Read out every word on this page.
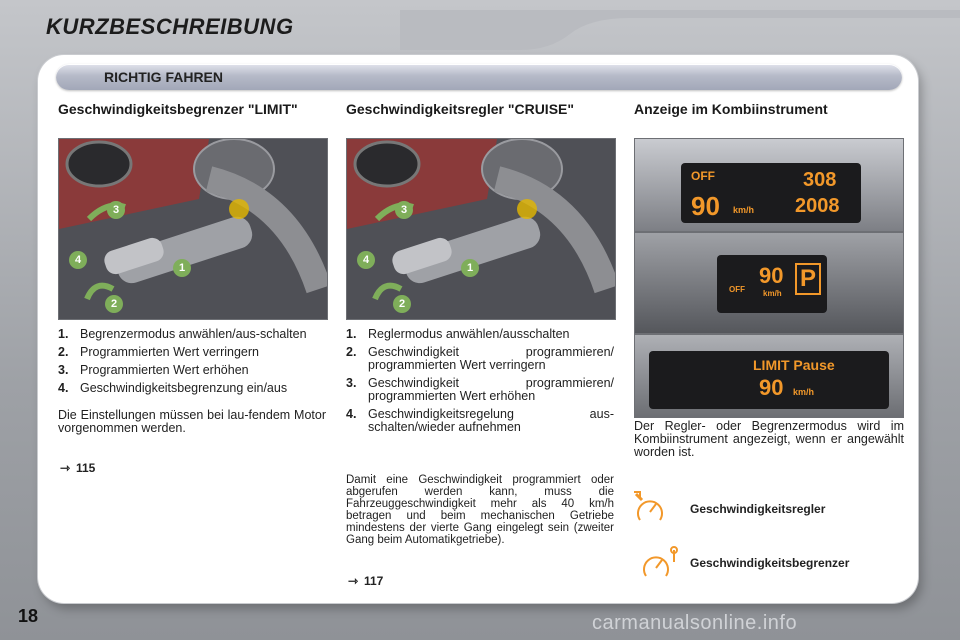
KURZBESCHREIBUNG
RICHTIG FAHREN
Geschwindigkeitsbegrenzer "LIMIT"	Geschwindigkeitsregler "CRUISE"	Anzeige im Kombiinstrument
3
4
1
2
3
4
1
2
OFF
90 km/h
308
2008
OFF
90
km/h
P
LIMIT Pause
90 km/h
1. Begrenzermodus anwählen/aus-schalten
2. Programmierten Wert verringern
3. Programmierten Wert erhöhen
4. Geschwindigkeitsbegrenzung ein/aus
Die Einstellungen müssen bei lau-fendem Motor vorgenommen werden.
⇾ 115
1. Reglermodus anwählen/ausschalten
2. Geschwindigkeit programmieren/ programmierten Wert verringern
3. Geschwindigkeit programmieren/ programmierten Wert erhöhen
4. Geschwindigkeitsregelung aus-schalten/wieder aufnehmen
Damit eine Geschwindigkeit programmiert oder abgerufen werden kann, muss die Fahrzeuggeschwindigkeit mehr als 40 km/h betragen und beim mechanischen Getriebe mindestens der vierte Gang eingelegt sein (zweiter Gang beim Automatikgetriebe).
⇾ 117
Der Regler- oder Begrenzermodus wird im Kombiinstrument angezeigt, wenn er angewählt worden ist.
Geschwindigkeitsregler
Geschwindigkeitsbegrenzer
18	carmanualsonline.info
